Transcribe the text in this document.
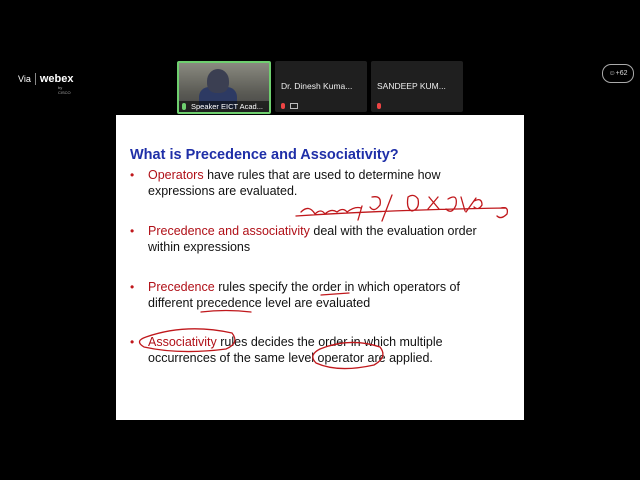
Via webex
by CISCO
Speaker EICT Acad...
Dr. Dinesh Kuma...	SANDEEP KUM...
☺ +62
What is Precedence and Associativity?
• Operators have rules that are used to determine how
expressions are evaluated.
• Precedence and associativity deal with the evaluation order
within expressions
• Precedence rules specify the order in which operators of
different precedence level are evaluated
• Associativity rules decides the order in which multiple
occurrences of the same level operator are applied.
